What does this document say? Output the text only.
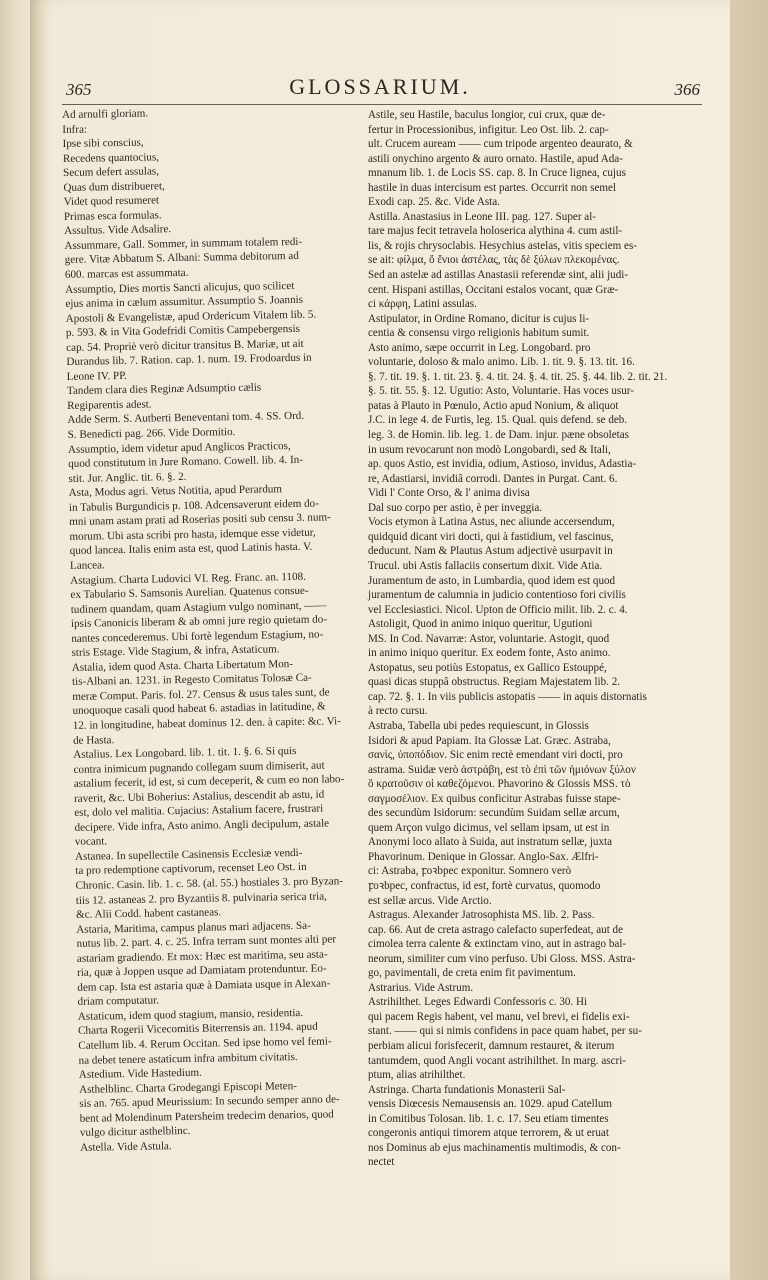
365	GLOSSARIUM.	366

Ad arnulfi gloriam.

Infra:

Ipse sibi conscius,

Recedens quantocius,

Secum defert assulas,

Quas dum distribueret,

Videt quod resumeret

Primas esca formulas.

Assultus. Vide Adsalire.

Assummare, Gall. Sommer, in summam totalem redi-

gere. Vitæ Abbatum S. Albani: Summa debitorum ad

600. marcas est assummata.

Assumptio, Dies mortis Sancti alicujus, quo scilicet

ejus anima in cælum assumitur. Assumptio S. Joannis

Apostoli & Evangelistæ, apud Ordericum Vitalem lib. 5.

p. 593. & in Vita Godefridi Comitis Campebergensis

cap. 54. Propriè verò dicitur transitus B. Mariæ, ut ait

Durandus lib. 7. Ration. cap. 1. num. 19. Frodoardus in

Leone IV. PP.

Tandem clara dies Reginæ Adsumptio cælis

Regiparentis adest.

Adde Serm. S. Autberti Beneventani tom. 4. SS. Ord.

S. Benedicti pag. 266. Vide Dormitio.

Assumptio, idem videtur apud Anglicos Practicos,

quod constitutum in Jure Romano. Cowell. lib. 4. In-

stit. Jur. Anglic. tit. 6. §. 2.

Asta, Modus agri. Vetus Notitia, apud Perardum

in Tabulis Burgundicis p. 108. Adcensaverunt eidem do-

mni unam astam prati ad Roserias positi sub censu 3. num-

morum. Ubi asta scribi pro hasta, idemque esse videtur,

quod lancea. Italis enim asta est, quod Latinis hasta. V.

Lancea.

Astagium. Charta Ludovici VI. Reg. Franc. an. 1108.

ex Tabulario S. Samsonis Aurelian. Quatenus consue-

tudinem quandam, quam Astagium vulgo nominant, ——

ipsis Canonicis liberam & ab omni jure regio quietam do-

nantes concederemus. Ubi fortè legendum Estagium, no-

stris Estage. Vide Stagium, & infra, Astaticum.

Astalia, idem quod Asta. Charta Libertatum Mon-

tis-Albani an. 1231. in Regesto Comitatus Tolosæ Ca-

meræ Comput. Paris. fol. 27. Census & usus tales sunt, de

unoquoque casali quod habeat 6. astadias in latitudine, &

12. in longitudine, habeat dominus 12. den. à capite: &c. Vi-

de Hasta.

Astalius. Lex Longobard. lib. 1. tit. 1. §. 6. Si quis

contra inimicum pugnando collegam suum dimiserit, aut

astalium fecerit, id est, si cum deceperit, & cum eo non labo-

raverit, &c. Ubi Boherius: Astalius, descendit ab astu, id

est, dolo vel malitia. Cujacius: Astalium facere, frustrari

decipere. Vide infra, Asto animo. Angli decipulum, astale

vocant.

Astanea. In supellectile Casinensis Ecclesiæ vendi-

ta pro redemptione captivorum, recenset Leo Ost. in

Chronic. Casin. lib. 1. c. 58. (al. 55.) hostiales 3. pro Byzan-

tiis 12. astaneas 2. pro Byzantiis 8. pulvinaria serica tria,

&c. Alii Codd. habent castaneas.

Astaria, Maritima, campus planus mari adjacens. Sa-

nutus lib. 2. part. 4. c. 25. Infra terram sunt montes alti per

astariam gradiendo. Et mox: Hæc est maritima, seu asta-

ria, quæ à Joppen usque ad Damiatam protenduntur. Eo-

dem cap. Ista est astaria quæ à Damiata usque in Alexan-

driam computatur.

Astaticum, idem quod stagium, mansio, residentia.

Charta Rogerii Vicecomitis Biterrensis an. 1194. apud

Catellum lib. 4. Rerum Occitan. Sed ipse homo vel femi-

na debet tenere astaticum infra ambitum civitatis.

Astedium. Vide Hastedium.

Asthelblinc. Charta Grodegangi Episcopi Meten-

sis an. 765. apud Meurissium: In secundo semper anno de-

bent ad Molendinum Patersheim tredecim denarios, quod

vulgo dicitur asthelblinc.

Astella. Vide Astula.

Astile, seu Hastile, baculus longior, cui crux, quæ de-

fertur in Processionibus, infigitur. Leo Ost. lib. 2. cap-

ult. Crucem auream —— cum tripode argenteo deaurato, &

astili onychino argento & auro ornato. Hastile, apud Ada-

mnanum lib. 1. de Locis SS. cap. 8. In Cruce lignea, cujus

hastile in duas intercisum est partes. Occurrit non semel

Exodi cap. 25. &c. Vide Asta.

Astilla. Anastasius in Leone III. pag. 127. Super al-

tare majus fecit tetravela holoserica alythina 4. cum astil-

lis, & rojis chrysoclabis. Hesychius astelas, vitis speciem es-

se ait: φίλμα, ὅ ἔνιοι ἀστέλας, τὰς δὲ ξύλων πλεκομένας.

Sed an astelæ ad astillas Anastasii referendæ sint, alii judi-

cent. Hispani astillas, Occitani estalos vocant, quæ Græ-

ci κάρφη, Latini assulas.

Astipulator, in Ordine Romano, dicitur is cujus li-

centia & consensu virgo religionis habitum sumit.

Asto animo, sæpe occurrit in Leg. Longobard. pro

voluntarie, doloso & malo animo. Lib. 1. tit. 9. §. 13. tit. 16.

§. 7. tit. 19. §. 1. tit. 23. §. 4. tit. 24. §. 4. tit. 25. §. 44. lib. 2. tit. 21.

§. 5. tit. 55. §. 12. Ugutio: Asto, Voluntarie. Has voces usur-

patas à Plauto in Pœnulo, Actio apud Nonium, & aliquot

J.C. in lege 4. de Furtis, leg. 15. Qual. quis defend. se deb.

leg. 3. de Homin. lib. leg. 1. de Dam. injur. pæne obsoletas

in usum revocarunt non modò Longobardi, sed & Itali,

ap. quos Astio, est invidia, odium, Astioso, invidus, Adastia-

re, Adastiarsi, invidiâ corrodi. Dantes in Purgat. Cant. 6.

Vidi l' Conte Orso, & l' anima divisa

Dal suo corpo per astio, è per inveggia.

Vocis etymon à Latina Astus, nec aliunde accersendum,

quidquid dicant viri docti, qui à fastidium, vel fascinus,

deducunt. Nam & Plautus Astum adjectivè usurpavit in

Trucul. ubi Astis fallaciis consertum dixit. Vide Atia.

Juramentum de asto, in Lumbardia, quod idem est quod

juramentum de calumnia in judicio contentioso fori civilis

vel Ecclesiastici. Nicol. Upton de Officio milit. lib. 2. c. 4.

Astoligit, Quod in animo iniquo queritur, Ugutioni

MS. In Cod. Navarræ: Astor, voluntarie. Astogit, quod

in animo iniquo queritur. Ex eodem fonte, Asto animo.

Astopatus, seu potiùs Estopatus, ex Gallico Estouppé,

quasi dicas stuppâ obstructus. Regiam Majestatem lib. 2.

cap. 72. §. 1. In viis publicis astopatis —— in aquis distornatis

à recto cursu.

Astraba, Tabella ubi pedes requiescunt, in Glossis

Isidori & apud Papiam. Ita Glossæ Lat. Græc. Astraba,

σανὶς, ὑποπόδιον. Sic enim rectè emendant viri docti, pro

astrama. Suidæ verò ἀστράβη, est τὸ ἐπὶ τῶν ἡμιόνων ξύλον

ὃ κρατοῦσιν οἱ καθεζόμενοι. Phavorino & Glossis MSS. τὸ

σαγμοσέλιον. Ex quibus conficitur Astrabas fuisse stape-

des secundùm Isidorum: secundùm Suidam sellæ arcum,

quem Arçon vulgo dicimus, vel sellam ipsam, ut est in

Anonymi loco allato à Suida, aut instratum sellæ, juxta

Phavorinum. Denique in Glossar. Anglo-Sax. Ælfri-

ci: Astraba, ꝼoꝛbpec exponitur. Somnero verò

ꝼoꝛbpec, confractus, id est, fortè curvatus, quomodo

est sellæ arcus. Vide Arctio.

Astragus. Alexander Jatrosophista MS. lib. 2. Pass.

cap. 66. Aut de creta astrago calefacto superfedeat, aut de

cimolea terra calente & extinctam vino, aut in astrago bal-

neorum, similiter cum vino perfuso. Ubi Gloss. MSS. Astra-

go, pavimentali, de creta enim fit pavimentum.

Astrarius. Vide Astrum.

Astrihilthet. Leges Edwardi Confessoris c. 30. Hi

qui pacem Regis habent, vel manu, vel brevi, ei fidelis exi-

stant. —— qui si nimis confidens in pace quam habet, per su-

perbiam alicui forisfecerit, damnum restauret, & iterum

tantumdem, quod Angli vocant astrihilthet. In marg. ascri-

ptum, alias atrihilthet.

Astringa. Charta fundationis Monasterii Sal-

vensis Diœcesis Nemausensis an. 1029. apud Catellum

in Comitibus Tolosan. lib. 1. c. 17. Seu etiam timentes

congeronis antiqui timorem atque terrorem, & ut eruat

nos Dominus ab ejus machinamentis multimodis, & con-

nectet
